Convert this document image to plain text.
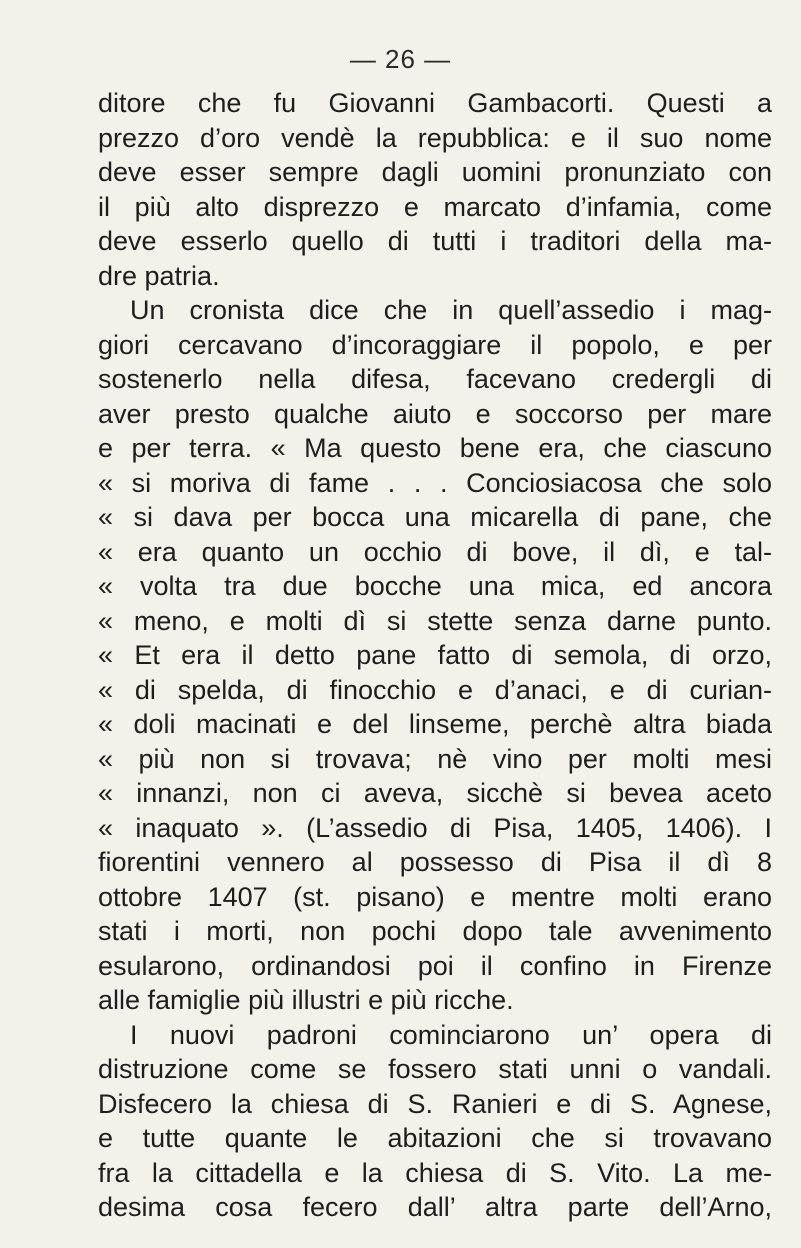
— 26 —
ditore che fu Giovanni Gambacorti. Questi a
prezzo d’oro vendè la repubblica: e il suo nome
deve esser sempre dagli uomini pronunziato con
il più alto disprezzo e marcato d’infamia, come
deve esserlo quello di tutti i traditori della ma-
dre patria.
Un cronista dice che in quell’assedio i mag-
giori cercavano d’incoraggiare il popolo, e per
sostenerlo nella difesa, facevano credergli di
aver presto qualche aiuto e soccorso per mare
e per terra. « Ma questo bene era, che ciascuno
« si moriva di fame . . . Conciosiacosa che solo
« si dava per bocca una micarella di pane, che
« era quanto un occhio di bove, il dì, e tal-
« volta tra due bocche una mica, ed ancora
« meno, e molti dì si stette senza darne punto.
« Et era il detto pane fatto di semola, di orzo,
« di spelda, di finocchio e d’anaci, e di curian-
« doli macinati e del linseme, perchè altra biada
« più non si trovava; nè vino per molti mesi
« innanzi, non ci aveva, sicchè si bevea aceto
« inaquato ». (L’assedio di Pisa, 1405, 1406). I
fiorentini vennero al possesso di Pisa il dì 8
ottobre 1407 (st. pisano) e mentre molti erano
stati i morti, non pochi dopo tale avvenimento
esularono, ordinandosi poi il confino in Firenze
alle famiglie più illustri e più ricche.
I nuovi padroni cominciarono un’ opera di
distruzione come se fossero stati unni o vandali.
Disfecero la chiesa di S. Ranieri e di S. Agnese,
e tutte quante le abitazioni che si trovavano
fra la cittadella e la chiesa di S. Vito. La me-
desima cosa fecero dall’ altra parte dell’Arno,
